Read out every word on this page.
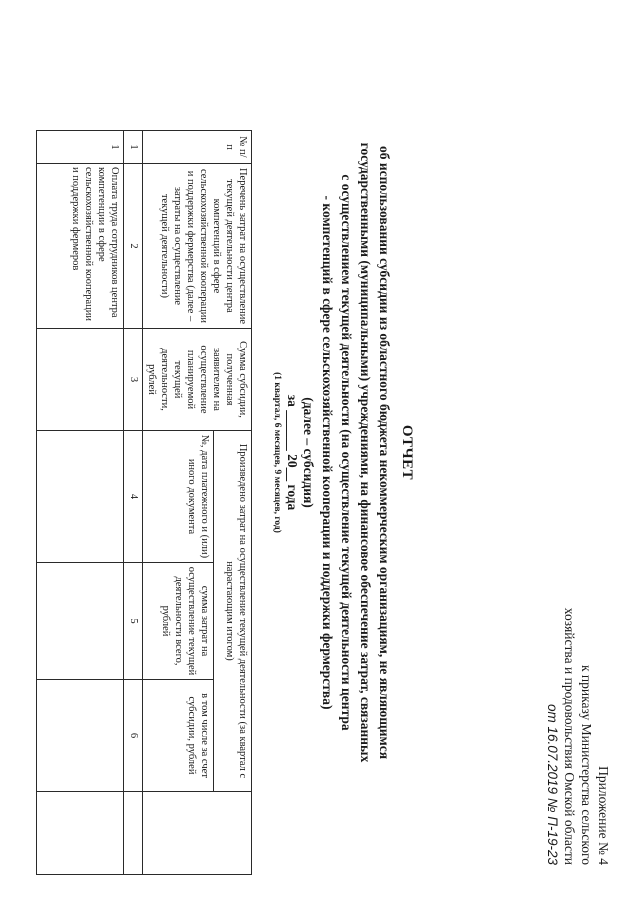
Приложение № 4
к приказу Министерства сельского
хозяйства и продовольствия Омской области
от 16.07.2019 № П-19-23
ОТЧЕТ
об использовании субсидии из областного бюджета некоммерческим организациям, не являющимся
государственными (муниципальными) учреждениями, на финансовое обеспечение затрат, связанных
с осуществлением текущей деятельности (на осуществление текущей деятельности центра
- компетенций в сфере сельскохозяйственной кооперации и поддержки фермерства)
(далее – субсидия)
за ______ 20__ года
(1 квартал, 6 месяцев, 9 месяцев, год)
№ п/п	Перечень затрат на осуществление текущей деятельности центра компетенций в сфере сельскохозяйственной кооперации и поддержки фермерства (далее – затраты на осуществление текущей деятельности)	Сумма субсидии, полученная заявителем на осуществление планируемой текущей деятельности, рублей	Произведено затрат на осуществление текущей деятельности (за квартал с нарастающим итогом)			
			№, дата платежного и (или) иного документа	сумма затрат на осуществление текущей деятельности всего, рублей	в том числе за счет субсидии, рублей	
1	2	3	4	5	6	
1	Оплата труда сотрудников центра компетенции в сфере сельскохозяйственной кооперации и поддержки фермеров					
